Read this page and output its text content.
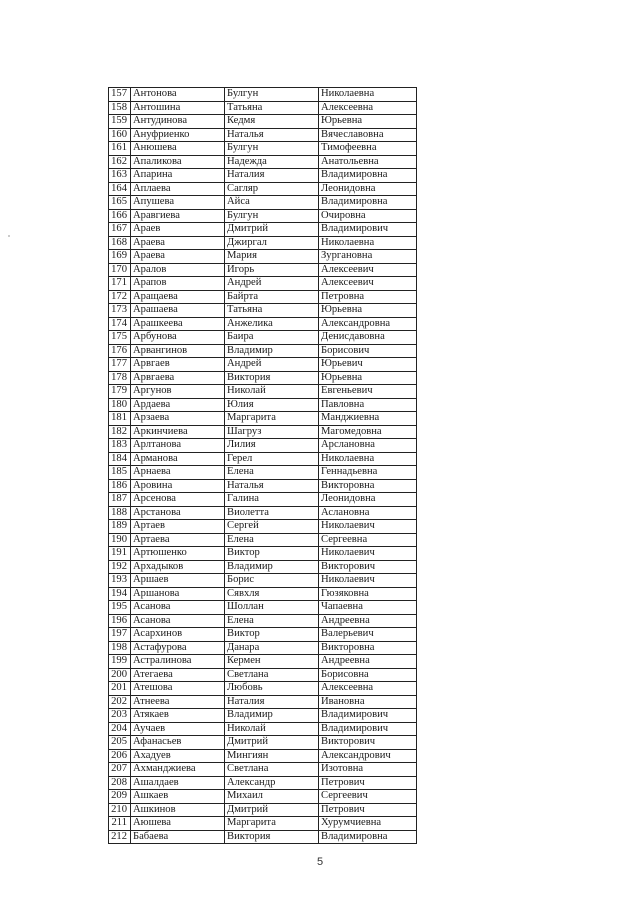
157	Антонова	Булгун	Николаевна
158	Антошина	Татьяна	Алексеевна
159	Антудинова	Кедмя	Юрьевна
160	Ануфриенко	Наталья	Вячеславовна
161	Анюшева	Булгун	Тимофеевна
162	Апаликова	Надежда	Анатольевна
163	Апарина	Наталия	Владимировна
164	Аплаева	Сагляр	Леонидовна
165	Апушева	Айса	Владимировна
166	Аравгиева	Булгун	Очировна
167	Араев	Дмитрий	Владимирович
168	Араева	Джиргал	Николаевна
169	Араева	Мария	Зургановна
170	Аралов	Игорь	Алексеевич
171	Арапов	Андрей	Алексеевич
172	Аращаева	Байрта	Петровна
173	Арашаева	Татьяна	Юрьевна
174	Арашкеева	Анжелика	Александровна
175	Арбунова	Баира	Денисдавовна
176	Арвангинов	Владимир	Борисович
177	Арвгаев	Андрей	Юрьевич
178	Арвгаева	Виктория	Юрьевна
179	Аргунов	Николай	Евгеньевич
180	Ардаева	Юлия	Павловна
181	Арзаева	Маргарита	Манджиевна
182	Аркинчиева	Шагруз	Магомедовна
183	Арлтанова	Лилия	Арслановна
184	Арманова	Герел	Николаевна
185	Арнаева	Елена	Геннадьевна
186	Аровина	Наталья	Викторовна
187	Арсенова	Галина	Леонидовна
188	Арстанова	Виолетта	Аслановна
189	Артаев	Сергей	Николаевич
190	Артаева	Елена	Сергеевна
191	Артюшенко	Виктор	Николаевич
192	Архадыков	Владимир	Викторович
193	Аршаев	Борис	Николаевич
194	Аршанова	Сявхля	Гюзяковна
195	Асанова	Шоллан	Чапаевна
196	Асанова	Елена	Андреевна
197	Асархинов	Виктор	Валерьевич
198	Астафурова	Данара	Викторовна
199	Астралинова	Кермен	Андреевна
200	Атегаева	Светлана	Борисовна
201	Атешова	Любовь	Алексеевна
202	Атнеева	Наталия	Ивановна
203	Атякаев	Владимир	Владимирович
204	Аучаев	Николай	Владимирович
205	Афанасьев	Дмитрий	Викторович
206	Ахадуев	Мингиян	Александрович
207	Ахманджиева	Светлана	Изотовна
208	Ашалдаев	Александр	Петрович
209	Ашкаев	Михаил	Сергеевич
210	Ашкинов	Дмитрий	Петрович
211	Аюшева	Маргарита	Хурумчиевна
212	Бабаева	Виктория	Владимировна
5
